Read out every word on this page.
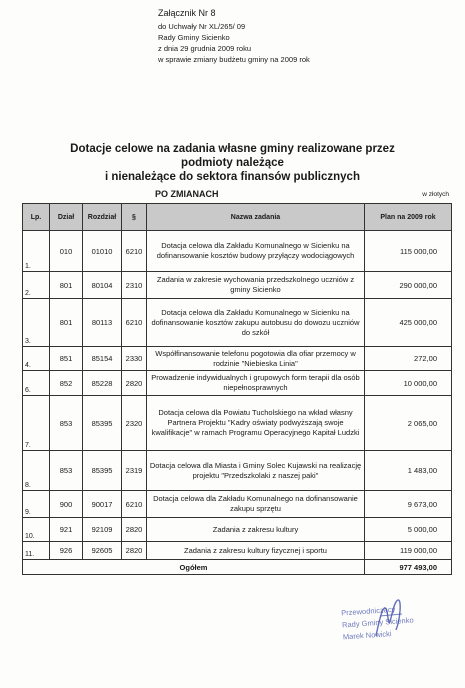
Załącznik Nr 8
do Uchwały Nr XL/265/ 09
Rady Gminy Sicienko
z dnia 29 grudnia 2009 roku
w sprawie zmiany budżetu gminy na 2009 rok
Dotacje celowe na zadania własne gminy realizowane przez
podmioty należące
i nienależące do sektora finansów publicznych
PO ZMIANACH	w złotych
Lp.	Dział	Rozdział	§	Nazwa zadania	Plan na 2009 rok
1.	010	01010	6210	Dotacja celowa dla Zakładu Komunalnego w Sicienku na dofinansowanie kosztów budowy przyłączy wodociągowych	115 000,00
2.	801	80104	2310	Zadania w zakresie wychowania przedszkolnego uczniów z gminy Sicienko	290 000,00
3.	801	80113	6210	Dotacja celowa dla Zakładu Komunalnego w Sicienku na dofinansowanie kosztów zakupu autobusu do dowozu uczniów do szkół	425 000,00
4.	851	85154	2330	Współfinansowanie telefonu pogotowia dla ofiar przemocy w rodzinie "Niebieska Linia"	272,00
6.	852	85228	2820	Prowadzenie indywidualnych i grupowych form terapii dla osób niepełnosprawnych	10 000,00
7.	853	85395	2320	Dotacja celowa dla Powiatu Tucholskiego na wkład własny Partnera Projektu "Kadry oświaty podwyższają swoje kwalifikacje" w ramach Programu Operacyjnego Kapitał Ludzki	2 065,00
8.	853	85395	2319	Dotacja celowa dla Miasta i Gminy Solec Kujawski na realizację projektu "Przedszkolaki z naszej paki"	1 483,00
9.	900	90017	6210	Dotacja celowa dla Zakładu Komunalnego na dofinansowanie zakupu sprzętu	9 673,00
10.	921	92109	2820	Zadania z zakresu kultury	5 000,00
11.	926	92605	2820	Zadania z zakresu kultury fizycznej i sportu	119 000,00
Ogółem					977 493,00
Przewodniczący
Rady Gminy Sicienko
Marek Nowicki
